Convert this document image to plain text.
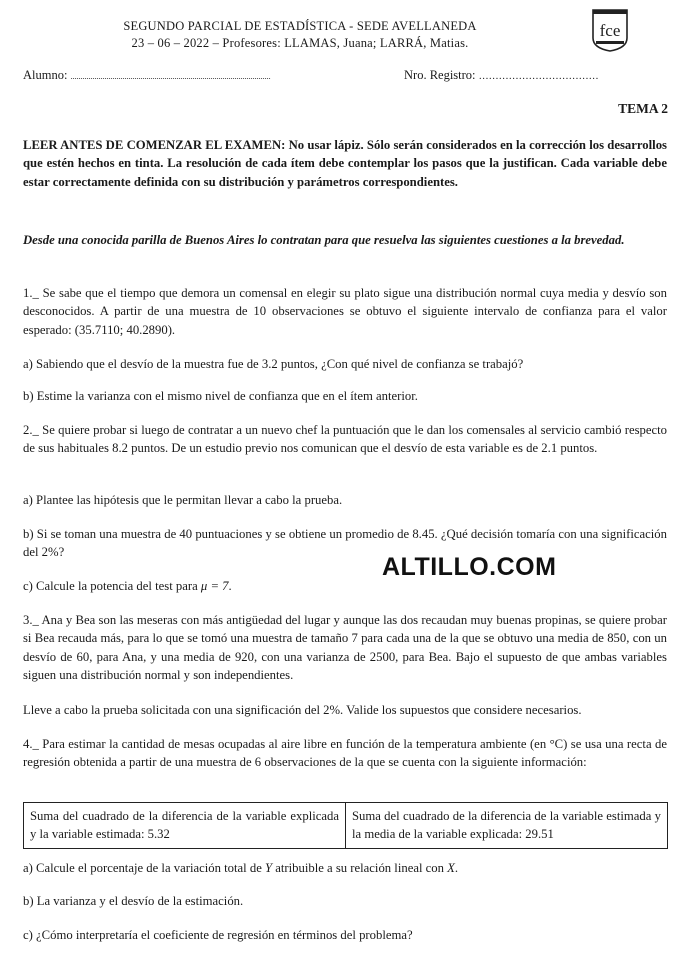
SEGUNDO PARCIAL DE ESTADÍSTICA - SEDE AVELLANEDA
23 – 06 – 2022 – Profesores: LLAMAS, Juana; LARRÁ, Matias.
fce
Alumno: ....................................................................................................	Nro. Registro: ………………………………
TEMA 2
LEER ANTES DE COMENZAR EL EXAMEN: No usar lápiz. Sólo serán considerados en la corrección los desarrollos que estén hechos en tinta. La resolución de cada ítem debe contemplar los pasos que la justifican. Cada variable debe estar correctamente definida con su distribución y parámetros correspondientes.
Desde una conocida parilla de Buenos Aires lo contratan para que resuelva las siguientes cuestiones a la brevedad.
1._ Se sabe que el tiempo que demora un comensal en elegir su plato sigue una distribución normal cuya media y desvío son desconocidos. A partir de una muestra de 10 observaciones se obtuvo el siguiente intervalo de confianza para el valor esperado: (35.7110; 40.2890).
a) Sabiendo que el desvío de la muestra fue de 3.2 puntos, ¿Con qué nivel de confianza se trabajó?
b) Estime la varianza con el mismo nivel de confianza que en el ítem anterior.
2._ Se quiere probar si luego de contratar a un nuevo chef la puntuación que le dan los comensales al servicio cambió respecto de sus habituales 8.2 puntos. De un estudio previo nos comunican que el desvío de esta variable es de 2.1 puntos.
a) Plantee las hipótesis que le permitan llevar a cabo la prueba.
b) Si se toman una muestra de 40 puntuaciones y se obtiene un promedio de 8.45. ¿Qué decisión tomaría con una significación del 2%?
c) Calcule la potencia del test para μ = 7.
ALTILLO.COM
3._ Ana y Bea son las meseras con más antigüedad del lugar y aunque las dos recaudan muy buenas propinas, se quiere probar si Bea recauda más, para lo que se tomó una muestra de tamaño 7 para cada una de la que se obtuvo una media de 850, con un desvío de 60, para Ana, y una media de 920, con una varianza de 2500, para Bea. Bajo el supuesto de que ambas variables siguen una distribución normal y son independientes.
Lleve a cabo la prueba solicitada con una significación del 2%. Valide los supuestos que considere necesarios.
4._ Para estimar la cantidad de mesas ocupadas al aire libre en función de la temperatura ambiente (en °C) se usa una recta de regresión obtenida a partir de una muestra de 6 observaciones de la que se cuenta con la siguiente información:
Suma del cuadrado de la diferencia de la variable explicada y la variable estimada: 5.32	Suma del cuadrado de la diferencia de la variable estimada y la media de la variable explicada: 29.51
a) Calcule el porcentaje de la variación total de Y atribuible a su relación lineal con X.
b) La varianza y el desvío de la estimación.
c) ¿Cómo interpretaría el coeficiente de regresión en términos del problema?
